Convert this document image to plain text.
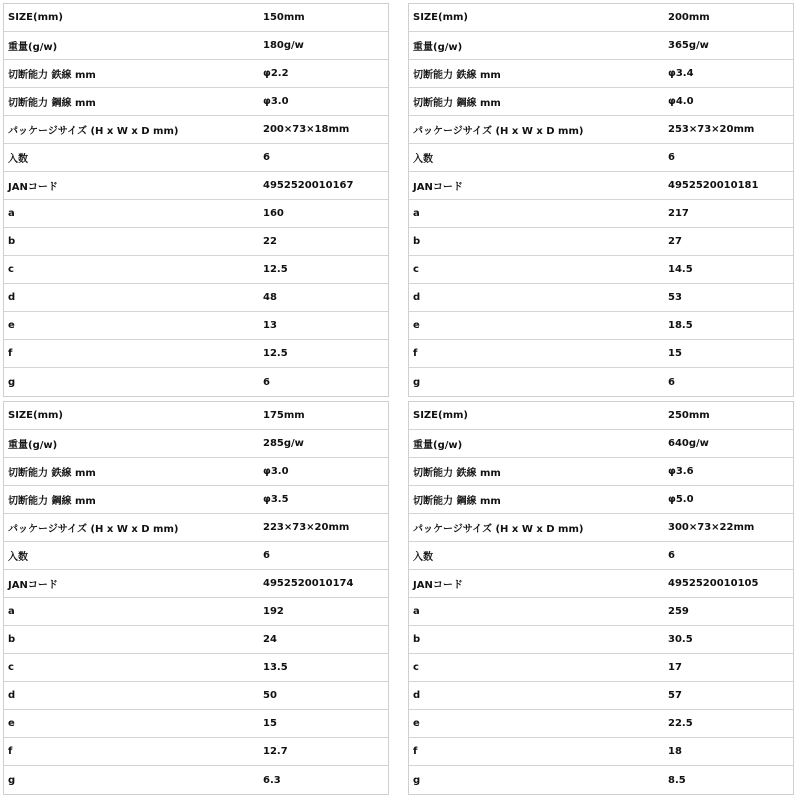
SIZE(mm)	150mm
重量(g/w)	180g/w
切断能力 鉄線 mm	φ2.2
切断能力 鋼線 mm	φ3.0
パッケージサイズ (H x W x D mm)	200×73×18mm
入数	6
JANコード	4952520010167
a	160
b	22
c	12.5
d	48
e	13
f	12.5
g	6
SIZE(mm)	200mm
重量(g/w)	365g/w
切断能力 鉄線 mm	φ3.4
切断能力 鋼線 mm	φ4.0
パッケージサイズ (H x W x D mm)	253×73×20mm
入数	6
JANコード	4952520010181
a	217
b	27
c	14.5
d	53
e	18.5
f	15
g	6
SIZE(mm)	175mm
重量(g/w)	285g/w
切断能力 鉄線 mm	φ3.0
切断能力 鋼線 mm	φ3.5
パッケージサイズ (H x W x D mm)	223×73×20mm
入数	6
JANコード	4952520010174
a	192
b	24
c	13.5
d	50
e	15
f	12.7
g	6.3
SIZE(mm)	250mm
重量(g/w)	640g/w
切断能力 鉄線 mm	φ3.6
切断能力 鋼線 mm	φ5.0
パッケージサイズ (H x W x D mm)	300×73×22mm
入数	6
JANコード	4952520010105
a	259
b	30.5
c	17
d	57
e	22.5
f	18
g	8.5
